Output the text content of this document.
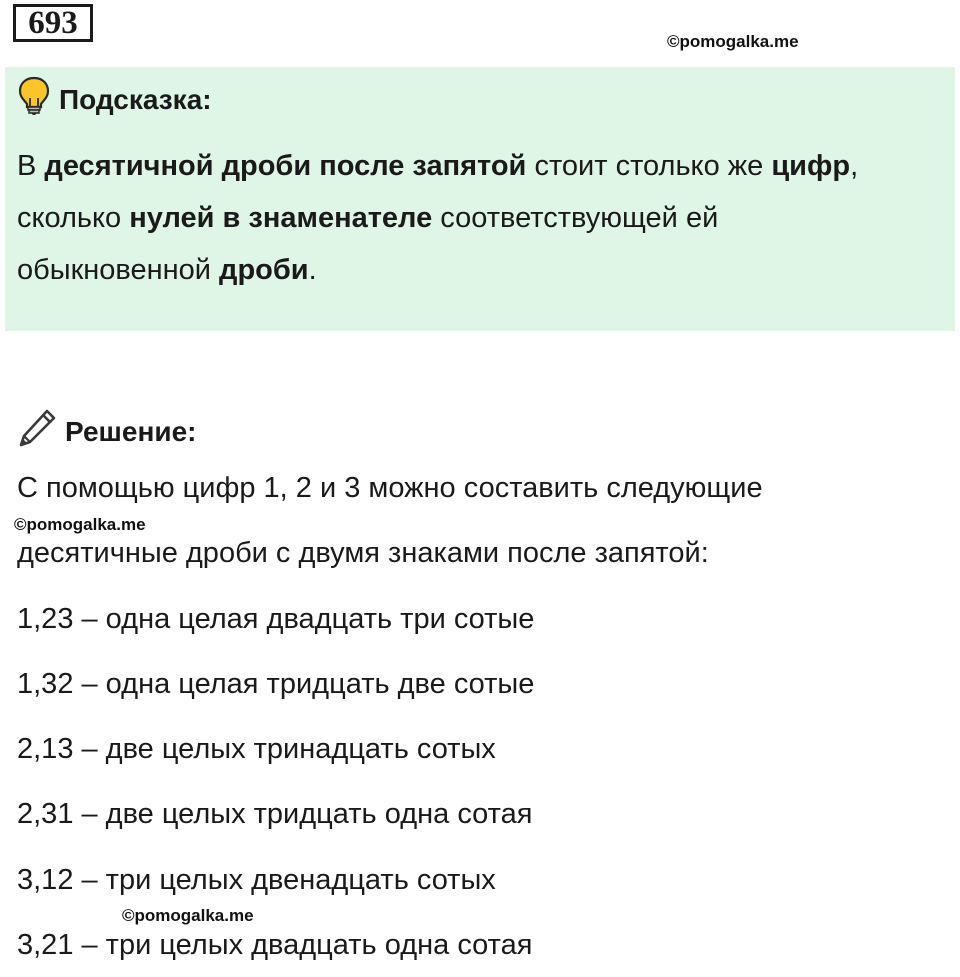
693
©pomogalka.me
Подсказка:
В десятичной дроби после запятой стоит столько же цифр,
сколько нулей в знаменателе соответствующей ей
обыкновенной дроби.
Решение:
С помощью цифр 1, 2 и 3 можно составить следующие
©pomogalka.me
десятичные дроби с двумя знаками после запятой:
1,23 – одна целая двадцать три сотые
1,32 – одна целая тридцать две сотые
2,13 – две целых тринадцать сотых
2,31 – две целых тридцать одна сотая
3,12 – три целых двенадцать сотых
©pomogalka.me
3,21 – три целых двадцать одна сотая
